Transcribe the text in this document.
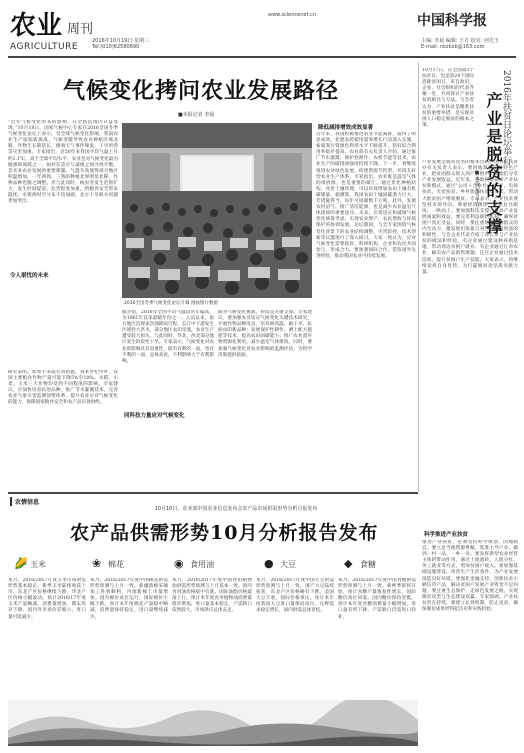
农业 周刊
AGRICULTURE
2016年10月19日 星期三
Tel:(010)62580690
www.sciencenet.cn	中国科学报
主编: 李晨 编辑: 王方 校对: 何先玉
E-mail: nkzkxb@163.com
气候变化拷问农业发展路径
■本报记者 李晨
“近年气候变化带来的影响，在全国范围内日益显现。”10月18日，国家气候中心专家在2016全国冬季气候变化论坛上表示，受全球气候变化影响，我国农业生产面临新挑战。气候变暖导致农业种植区域北移，作物生长期延长，极端天气事件频发，干旱洪涝等灾害加重。专家指出，近50年来我国平均气温上升约1.1℃，高于全球平均水平。农业是对气候变化最为敏感的领域之一，如何在适应与减缓之间寻找平衡，是未来农业发展的重要课题。气温升高使得部分地区积温增加，一年两熟、三熟的种植北界明显北移，作物品种也随之调整。但与此同时，病虫害发生范围扩大，发生时间提前，危害程度加重，给粮食安全带来隐忧。水资源时空分布不均加剧，北方干旱缺水问题更加突出。
令人堪忧的未来
研究表明，如果不采取有效措施，到本世纪中叶，我国主要粮食作物产量可能下降5%至10%。水稻、小麦、玉米三大作物均受到不同程度的影响。专家建议，应加快培育抗逆品种，推广节水灌溉技术，完善农业气象灾害监测预警体系，提升农业应对气候变化的能力，保障国家粮食安全和农产品有效供给。
2016全国冬季气候变化论坛开幕 漫画图片数据
据介绍，2016年全国平均气温较常年偏高，为1961年以来最暖年份之一。入汛以来，南方地区出现多次强降雨过程，长江中下游发生区域性大洪水，部分地区农田受淹，农业生产遭受较大损失。与此同时，华北、西北部分地区发生阶段性干旱。专家表示，气候变化对农业的影响具有双重性，既有有利的一面，也有不利的一面。总体来看，不利影响大于有利影响。
同科技力量应对气候变化
面对气候变化挑战，科技是关键支撑。专家建议，要加强农业适应气候变化关键技术研究，开展作物品种改良，培育耐高温、耐干旱、抗病虫的新品种；发展保护性耕作、测土配方施肥等技术，提高农田固碳能力；推广农业废弃物资源化利用，减少温室气体排放。同时，要加强气候变化对农业影响的监测评估，为科学决策提供依据。
降低减排增效成效显著
近年来，我国积极推进农业节能减排，取得了明显成效。化肥农药使用量零增长行动深入实施，畜禽粪污资源化利用水平不断提升，秸秆综合利用率稳步提高。农业部有关负责人介绍，通过推广节水灌溉、保护性耕作、农机节能等技术，农业生产的碳排放强度持续下降。下一步，将继续推进农业绿色发展，构建资源节约型、环境友好型农业生产体系。专家指出，农业既是温室气体的排放源，也是重要的碳汇。通过优化种植结构、改善土壤管理，可以有效增加农田土壤有机碳储量。据测算，我国农田土壤固碳潜力巨大，若措施得当，每年可固碳数千万吨。此外，发展农村沼气、推广清洁能源，也是减少农业温室气体排放的重要途径。未来，应将适应和减缓气候变化统筹考虑，实现农业增产、农民增收与环境保护的协调发展。论坛期间，与会专家围绕气候变化背景下的农业结构调整、灾害防控、技术创新等议题进行了深入研讨。大家一致认为，应对气候变化需要政府、科研机构、企业和农民共同参与，形成合力。要加强国际合作，借鉴国外先进经验，推动我国农业可持续发展。
10月17日，在全国第3个扶贫日，也是第24个国际消除贫困日，来自政府、企业、社会组织的代表齐聚一堂，共同探讨产业扶贫的路径与方法。与会者认为，产业扶贫是精准扶贫的重要举措，是实现贫困人口稳定脱贫的根本之策。	2016年扶贫日论坛举行
产业是脱贫的支撑
■本报记者 王方
产业发展是脱贫攻坚的根本出路。国务院扶贫办有关负责人表示，要因地制宜发展特色产业，把贫困群众嵌入到产业链中，让他们分享产业发展收益。近年来，各地积极探索产业扶贫新模式，通过“公司＋合作社＋农户”、电商扶贫、光伏扶贫、乡村旅游扶贫等方式，带动大批贫困户增收脱贫。专家表示，产业扶贫要坚持市场导向，尊重经济规律，避免盲目跟风、一哄而上。要加强科技支撑，提高产业发展质量和效益。要完善利益联结机制，确保贫困户真正受益。同时，要注重培育贫困群众的内生动力，激发他们依靠自身努力脱贫致富的积极性。与会企业代表介绍了各自参与产业扶贫的做法和经验。有企业通过建设种养殖基地，带动周边贫困户就业；有企业通过订单农业，解决农产品销售难题；还有企业通过技术培训，提升贫困户生产技能。大家表示，将继续发挥自身优势，为打赢脱贫攻坚战贡献力量。
科学推进产业扶贫
推进产业扶贫，必须坚持科学规划、因地制宜。要立足当地资源禀赋，选准主导产业，做到一村一品、一乡一业。要发挥新型农业经营主体的带动作用，通过土地流转、入股分红、务工就业等方式，增加贫困户收入。要加强基础设施建设，改善生产生活条件，为产业发展创造良好环境。要强化金融支持，创新扶贫小额信贷产品，解决贫困户发展产业资金不足问题。要注重生态保护，走绿色发展之路，实现脱贫攻坚与生态建设双赢。专家强调，产业扶贫贵在持续，要建立长效机制，防止返贫，确保脱贫成果经得起历史和实践检验。
农情信息
10月10日，农业部中国农业信息发布会农产品市场供需形势分析月报发布
农产品供需形势10月分析报告发布
🌽 玉米	❀ 棉花	◉ 食用油	● 大豆	◆ 食糖
本月，2016/2017年度玉米市场供需形势基本稳定。新季玉米陆续收获上市，东北产区价格继续下跌，华北产区价格小幅波动。预计2016/17年度玉米产量略减，消费量增加，期末库存下降。国内外市场价差缩小，进口量可能减少。
本月，2016/2017年度中国棉花供需形势预测与上月一致。新疆新棉采摘加工进展顺利，内地新棉上市量增加。国内棉价高位运行，国际棉价小幅下跌。预计本年度棉花产量稳中略减，消费量保持稳定，进口量继续减少。
本月，2016/2017年度中国食用植物油供需形势预测与上月基本一致。国内食用油价格稳中有涨，国际油脂价格震荡上行。预计本年度食用植物油消费量稳步增加，进口量基本稳定，产需缺口依然较大，市场供应总体充足。
本月，2016/2017年度中国大豆供需形势预测与上月一致。国产大豆陆续收获，东北产区价格略有下跌。美国大豆丰收，国际价格承压。预计本年度我国大豆进口量保持高位，压榨需求稳定增长，国内供需总体宽松。
本月，2016/2017年度中国食糖供需形势预测与上月一致。新榨季即将开始，预计食糖产量恢复性增长。国际糖价高位回落，国内糖价保持坚挺。预计本年度食糖消费量小幅增加，进口量有所下降，产需缺口仍需进口弥补。
